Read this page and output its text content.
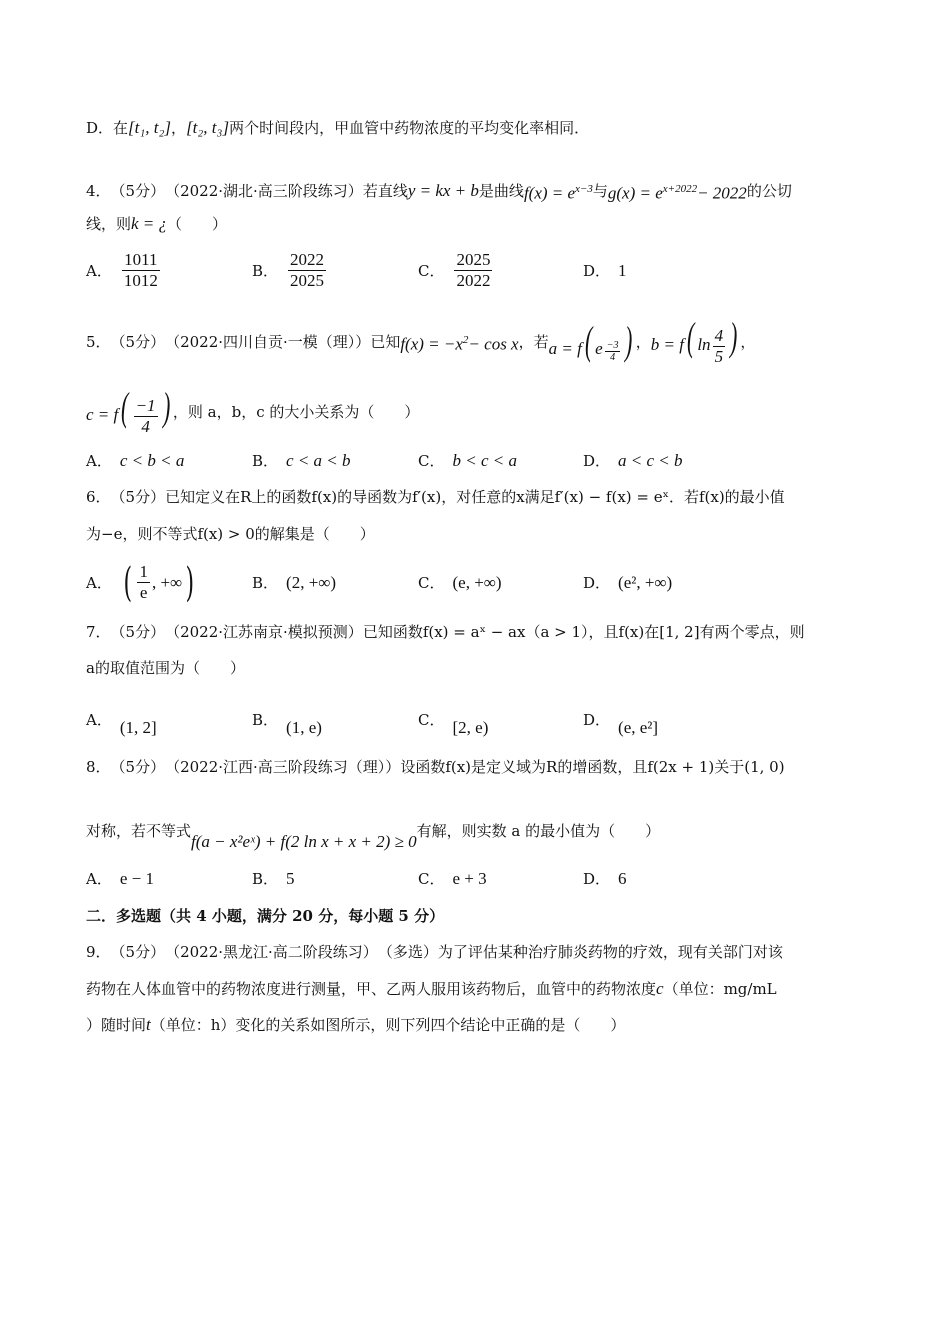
D． 在 [t₁, t₂] ， [t₂, t₃] 两个时间段内，甲血管中药物浓度的平均变化率相同．
4． （5分） （2022·湖北·高三阶段练习） 若直线 y = kx + b 是曲线 $f(x) = e^{x-3}$ 与 $g(x) = e^{x+2022}- 2022$ 的公切
线，则 k = ¿ （　　）
A． $\frac{1011}{1012}$	B． $\frac{2022}{2025}$	C． $\frac{2025}{2022}$	D． 1
5． （5分） （2022·四川自贡·一模（理）） 已知 $f(x) = -x^2- \cos x$ ，若 a = f( e $\frac{-3}{4}$ ) ， b = f( $\ln \frac{4}{5}$ ) ，
$c = f( \frac{-1}{4}$ ) ，则 a，b，c 的大小关系为（　　）
A． c < b < a	B． c < a < b	C． b < c < a	D． a < c < b
6． （5分） 已知定义在R上的函数f(x)的导函数为f′(x)，对任意的x满足f′(x) − f(x) = eˣ．若f(x)的最小值
为−e，则不等式f(x) > 0的解集是（　　）
A． ( $\frac{1}{e}$ , +∞ )	B． (2, +∞)	C． (e, +∞)	D． (e², +∞)
7． （5分） （2022·江苏南京·模拟预测） 已知函数f(x) = aˣ − ax（a > 1），且f(x)在[1, 2]有两个零点，则
a的取值范围为（　　）
A． (1, 2]	B． (1, e)	C． [2, e)	D． (e, e²]
8． （5分） （2022·江西·高三阶段练习（理）） 设函数f(x)是定义域为R的增函数，且f(2x + 1)关于(1, 0)
对称，若不等式
f(a − x²eˣ) + f(2 ln x + x + 2) ≥ 0
有解，则实数 a 的最小值为（　　）
A． e − 1	B． 5	C． e + 3	D． 6
二．多选题（共 4 小题，满分 20 分，每小题 5 分）
9． （5分） （2022·黑龙江·高二阶段练习） （多选）为了评估某种治疗肺炎药物的疗效，现有关部门对该
药物在人体血管中的药物浓度进行测量，甲、乙两人服用该药物后，血管中的药物浓度 c （单位：mg/mL
）随时间 t （单位：h）变化的关系如图所示，则下列四个结论中正确的是（　　）
